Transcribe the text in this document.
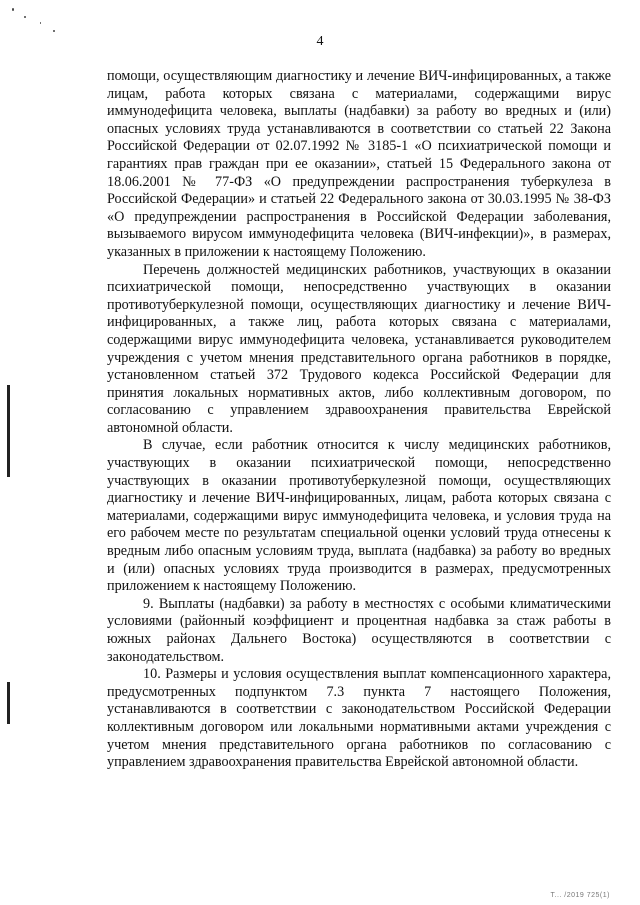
4

помощи, осуществляющим диагностику и лечение ВИЧ-инфицированных, а также лицам, работа которых связана с материалами, содержащими вирус иммунодефицита человека, выплаты (надбавки) за работу во вредных и (или) опасных условиях труда устанавливаются в соответствии со статьей 22 Закона Российской Федерации от 02.07.1992 № 3185-1 «О психиатрической помощи и гарантиях прав граждан при ее оказании», статьей 15 Федерального закона от 18.06.2001 № 77-ФЗ «О предупреждении распространения туберкулеза в Российской Федерации» и статьей 22 Федерального закона от 30.03.1995 № 38-ФЗ «О предупреждении распространения в Российской Федерации заболевания, вызываемого вирусом иммунодефицита человека (ВИЧ-инфекции)», в размерах, указанных в приложении к настоящему Положению.

Перечень должностей медицинских работников, участвующих в оказании психиатрической помощи, непосредственно участвующих в оказании противотуберкулезной помощи, осуществляющих диагностику и лечение ВИЧ-инфицированных, а также лиц, работа которых связана с материалами, содержащими вирус иммунодефицита человека, устанавливается руководителем учреждения с учетом мнения представительного органа работников в порядке, установленном статьей 372 Трудового кодекса Российской Федерации для принятия локальных нормативных актов, либо коллективным договором, по согласованию с управлением здравоохранения правительства Еврейской автономной области.

В случае, если работник относится к числу медицинских работников, участвующих в оказании психиатрической помощи, непосредственно участвующих в оказании противотуберкулезной помощи, осуществляющих диагностику и лечение ВИЧ-инфицированных, лицам, работа которых связана с материалами, содержащими вирус иммунодефицита человека, и условия труда на его рабочем месте по результатам специальной оценки условий труда отнесены к вредным либо опасным условиям труда, выплата (надбавка) за работу во вредных и (или) опасных условиях труда производится в размерах, предусмотренных приложением к настоящему Положению.

9. Выплаты (надбавки) за работу в местностях с особыми климатическими условиями (районный коэффициент и процентная надбавка за стаж работы в южных районах Дальнего Востока) осуществляются в соответствии с законодательством.

10. Размеры и условия осуществления выплат компенсационного характера, предусмотренных подпунктом 7.3 пункта 7 настоящего Положения, устанавливаются в соответствии с законодательством Российской Федерации коллективным договором или локальными нормативными актами учреждения с учетом мнения представительного органа работников по согласованию с управлением здравоохранения правительства Еврейской автономной области.

Т... /2019 725(1)
